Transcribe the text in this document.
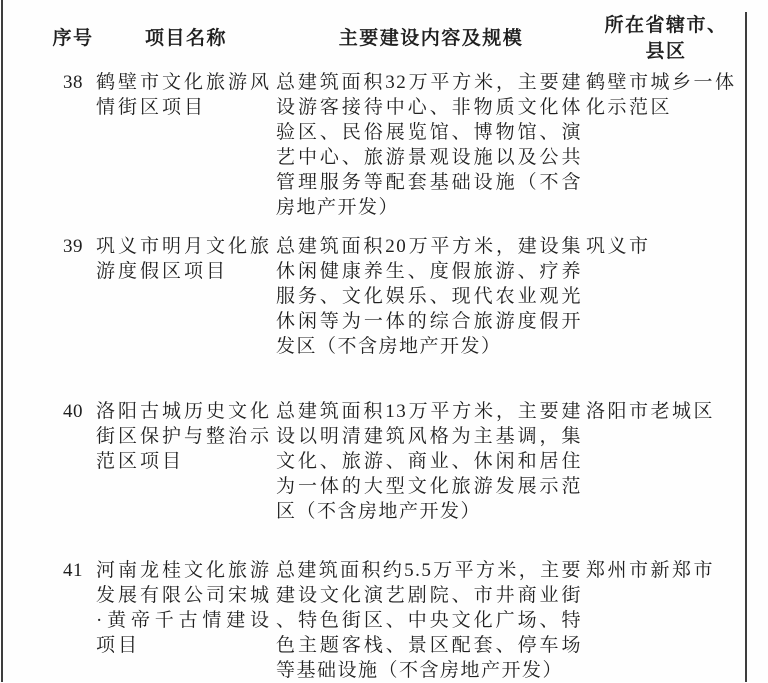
序号	项目名称	主要建设内容及规模
所在省辖市、县区
38 鹤壁市文化旅游风情街区项目
总建筑面积32万平方米，主要建设游客接待中心、非物质文化体验区、民俗展览馆、博物馆、演艺中心、旅游景观设施以及公共管理服务等配套基础设施（不含房地产开发）
鹤壁市城乡一体化示范区
39 巩义市明月文化旅游度假区项目
总建筑面积20万平方米，建设集休闲健康养生、度假旅游、疗养服务、文化娱乐、现代农业观光休闲等为一体的综合旅游度假开发区（不含房地产开发）
巩义市
40 洛阳古城历史文化街区保护与整治示范区项目
总建筑面积13万平方米，主要建设以明清建筑风格为主基调，集文化、旅游、商业、休闲和居住为一体的大型文化旅游发展示范区（不含房地产开发）
洛阳市老城区
41 河南龙桂文化旅游发展有限公司宋城·黄帝千古情建设项目
总建筑面积约5.5万平方米，主要建设文化演艺剧院、市井商业街、特色街区、中央文化广场、特色主题客栈、景区配套、停车场等基础设施（不含房地产开发）
郑州市新郑市
